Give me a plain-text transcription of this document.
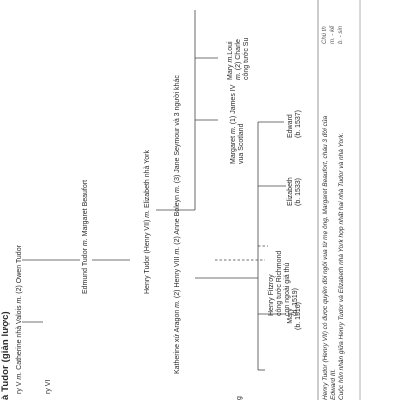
à Tudor (giản lược) ry V m. Catherine nhà Valois m. (2) Owen Tudor
ry VI
Edmund Tudor m. Margaret Beaufort
Henry Tudor (Henry VII) m. Elizabeth nhà York
Katherine xứ Aragon m. (2) Henry VIII m. (2) Anne Boleyn m. (3) Jane Seymour và 3 người khác	Margaret m. (1) James IV
vua Scotland
Mary m.Loui
m. (2) Charle
công tước Su
Henry Fitzroy
công tước Richmond
con ngoài giá thú
(b. 1519)
Mary
(b. 1516)
Elizabeth
(b. 1533)
Edward
(b. 1537)
g	Henry Tudor (Henry VII) có được quyền đòi ngôi vua từ mẹ ông, Margaret Beaufort, cháu 3 đời của Edward III. Cuộc hôn nhân giữa Henry Tudor và Elizabeth nhà York hợp nhất hai nhà Tudor và nhà York.
Chú th m. - kế b. - sin
